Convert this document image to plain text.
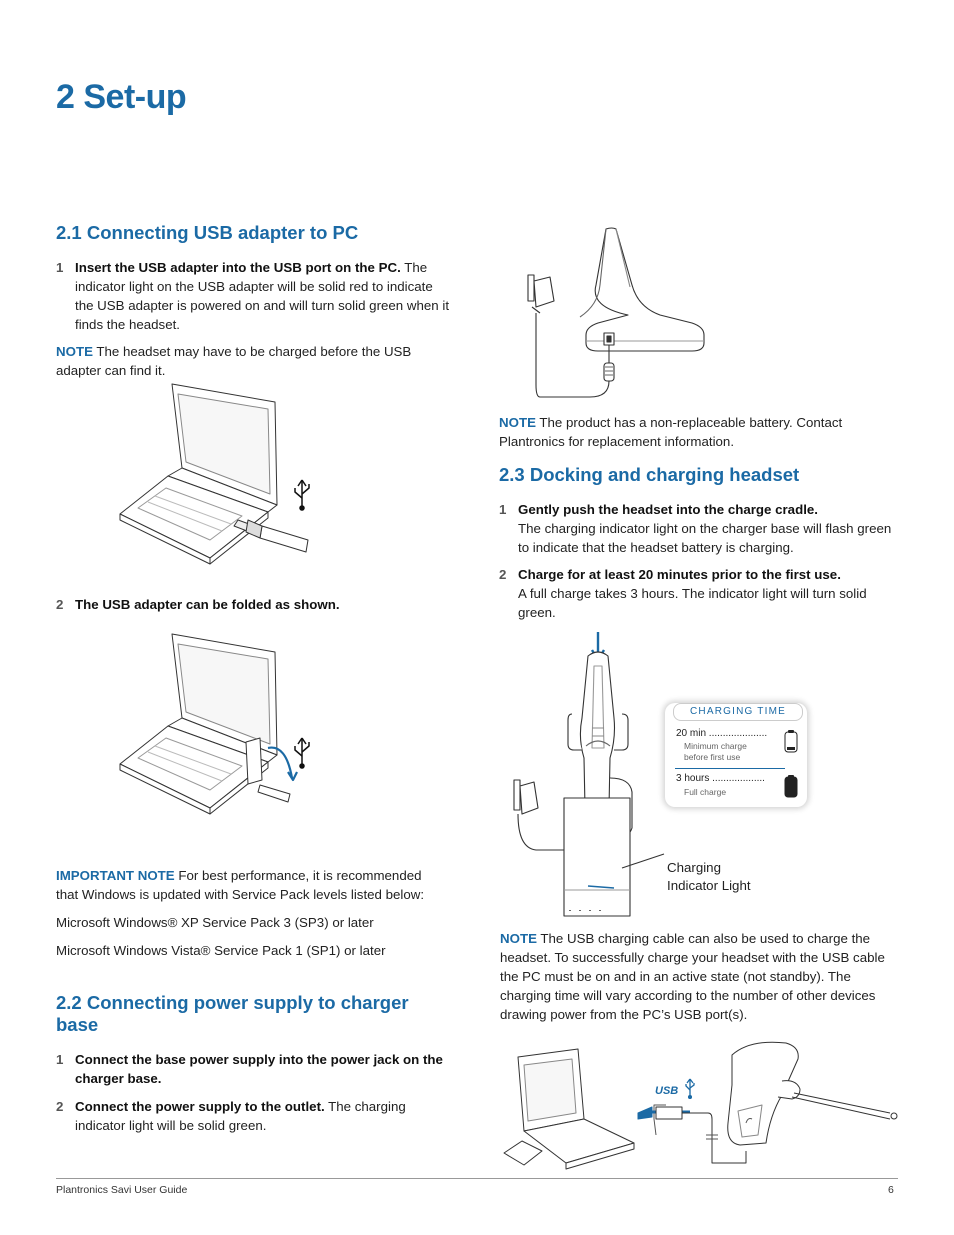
2 Set-up
2.1 Connecting USB adapter to PC
1 Insert the USB adapter into the USB port on the PC. The indicator light on the USB adapter will be solid red to indicate the USB adapter is powered on and will turn solid green when it finds the headset.
NOTE The headset may have to be charged before the USB adapter can find it.
2 The USB adapter can be folded as shown.
IMPORTANT NOTE For best performance, it is recommended that Windows is updated with Service Pack levels listed below:
Microsoft Windows® XP Service Pack 3 (SP3) or later
Microsoft Windows Vista® Service Pack 1 (SP1) or later
2.2 Connecting power supply to charger base
1 Connect the base power supply into the power jack on the charger base.
2 Connect the power supply to the outlet. The charging indicator light will be solid green.
NOTE The product has a non-replaceable battery. Contact Plantronics for replacement information.
2.3 Docking and charging headset
1 Gently push the headset into the charge cradle.
The charging indicator light on the charger base will flash green to indicate that the headset battery is charging.
2 Charge for at least 20 minutes prior to the first use.
A full charge takes 3 hours. The indicator light will turn solid green.
CHARGING TIME
20 min .....................
Minimum charge
before first use
3 hours ...................
Full charge
Charging
Indicator Light
NOTE The USB charging cable can also be used to charge the headset. To successfully charge your headset with the USB cable the PC must be on and in an active state (not standby). The charging time will vary according to the number of other devices drawing power from the PC’s USB port(s).
USB
Plantronics Savi User Guide	6
